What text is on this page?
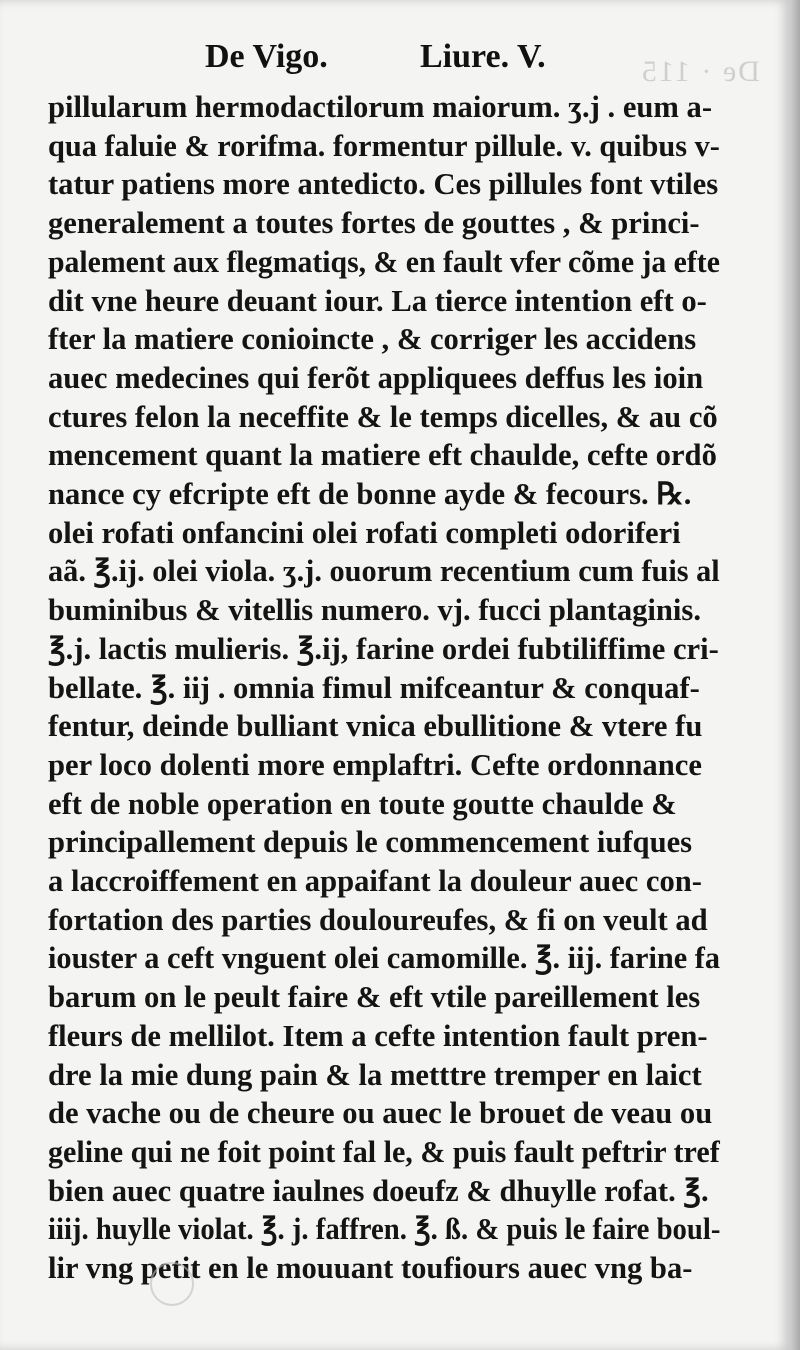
De · 115
De Vigo.	Liure. V.
pillularum hermodactilorum maiorum. ʒ.j . eum a-
qua faluie & rorifma. formentur pillule. v. quibus v-
tatur patiens more antedicto. Ces pillules font vtiles
generalement a toutes fortes de gouttes , & princi-
palement aux flegmatiqs, & en fault vfer cõme ja efte
dit vne heure deuant iour. La tierce intention eft o-
fter la matiere conioincte , & corriger les accidens
auec medecines qui ferõt appliquees deffus les ioin
ctures felon la neceffite & le temps dicelles, & au cõ
mencement quant la matiere eft chaulde, cefte ordõ
nance cy efcripte eft de bonne ayde & fecours. ℞.
olei rofati onfancini olei rofati completi odoriferi
aã. ℥.ij. olei viola. ʒ.j. ouorum recentium cum fuis al
buminibus & vitellis numero. vj. fucci plantaginis.
℥.j. lactis mulieris. ℥.ij, farine ordei fubtiliffime cri-
bellate. ℥. iij . omnia fimul mifceantur & conquaf-
fentur, deinde bulliant vnica ebullitione & vtere fu
per loco dolenti more emplaftri. Cefte ordonnance
eft de noble operation en toute goutte chaulde &
principallement depuis le commencement iufques
a laccroiffement en appaifant la douleur auec con-
fortation des parties douloureufes, & fi on veult ad
iouster a ceft vnguent olei camomille. ℥. iij. farine fa
barum on le peult faire & eft vtile pareillement les
fleurs de mellilot. Item a cefte intention fault pren-
dre la mie dung pain & la metttre tremper en laict
de vache ou de cheure ou auec le brouet de veau ou
geline qui ne foit point fal le, & puis fault peftrir tref
bien auec quatre iaulnes doeufz & dhuylle rofat. ℥.
iiij. huylle violat. ℥. j. faffren. ℥. ß. & puis le faire boul-
lir vng petit en le mouuant toufiours auec vng ba-
